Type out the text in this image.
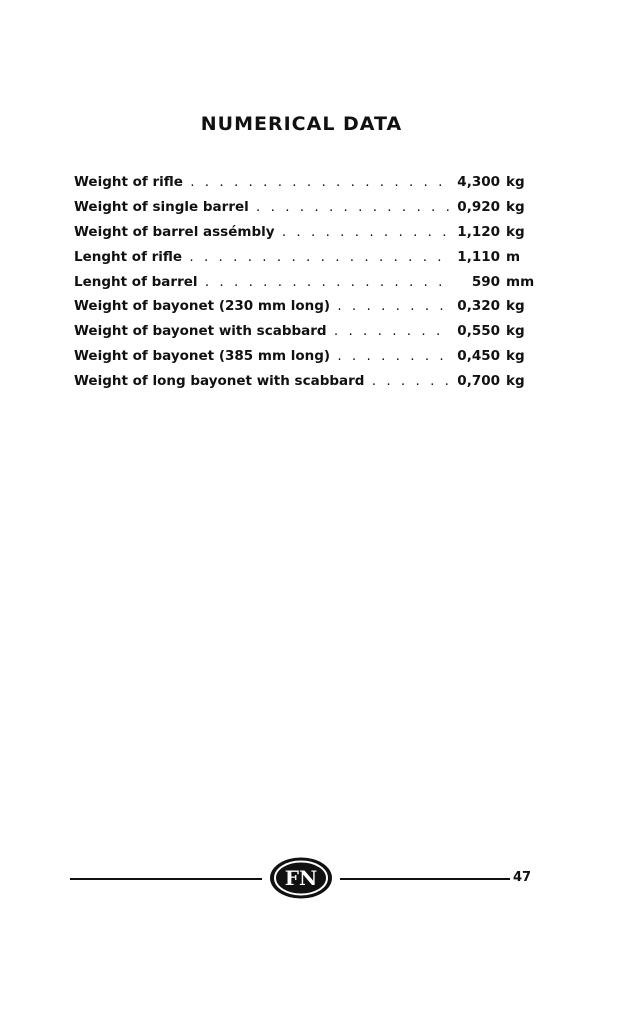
NUMERICAL DATA
Weight of rifle . . .	4,300 kg
Weight of single barrel . . .	0,920 kg
Weight of barrel assémbly . . .	1,120 kg
Lenght of rifle . . .	1,110 m
Lenght of barrel . . .	590 mm
Weight of bayonet (230 mm long) . . .	0,320 kg
Weight of bayonet with scabbard . . .	0,550 kg
Weight of bayonet (385 mm long) . . .	0,450 kg
Weight of long bayonet with scabbard . . .	0,700 kg
FN	47
